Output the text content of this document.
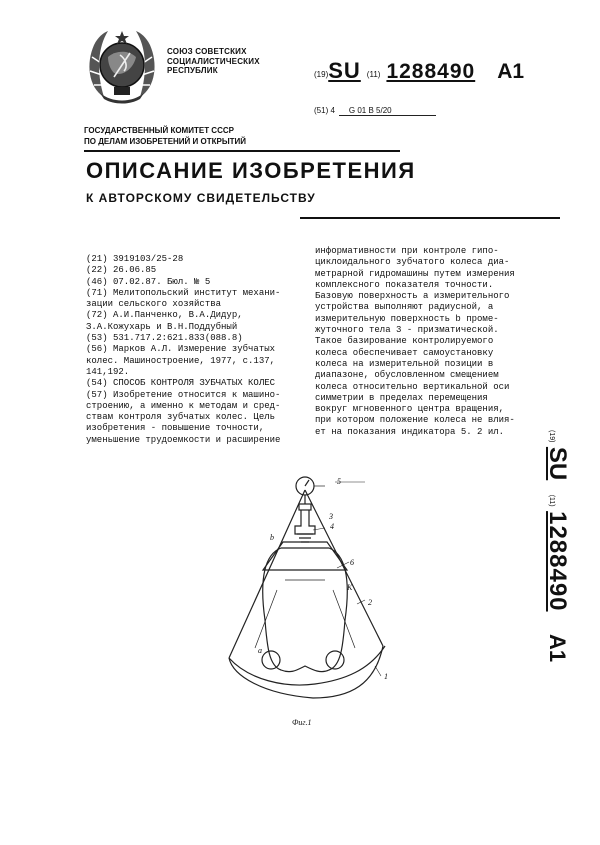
СОЮЗ СОВЕТСКИХ
СОЦИАЛИСТИЧЕСКИХ
РЕСПУБЛИК	(19)SU (11) 1288490 A1
(51) 4 G 01 B 5/20
ГОСУДАРСТВЕННЫЙ КОМИТЕТ СССР
ПО ДЕЛАМ ИЗОБРЕТЕНИЙ И ОТКРЫТИЙ
ОПИСАНИЕ ИЗОБРЕТЕНИЯ
К АВТОРСКОМУ СВИДЕТЕЛЬСТВУ
(21) 3919103/25-28
(22) 26.06.85
(46) 07.02.87. Бюл. № 5
(71) Мелитопольский институт механи-
зации сельского хозяйства
(72) А.И.Панченко, В.А.Дидур,
З.А.Кожухарь и В.Н.Поддубный
(53) 531.717.2:621.833(088.8)
(56) Марков А.Л. Измерение зубчатых
колес. Машиностроение, 1977, с.137,
141,192.
(54) СПОСОБ КОНТРОЛЯ ЗУБЧАТЫХ КОЛЕС
(57) Изобретение относится к машино-
строению, а именно к методам и сред-
ствам контроля зубчатых колес. Цель
изобретения - повышение точности,
уменьшение трудоемкости и расширение
информативности при контроле гипо-
циклоидального зубчатого колеса диа-
метрарной гидромашины путем измерения
комплексного показателя точности.
Базовую поверхность а измерительного
устройства выполняют радиусной, а
измерительную поверхность b проме-
жуточного тела 3 - призматической.
Такое базирование контролируемого
колеса обеспечивает самоустановку
колеса на измерительной позиции в
диапазоне, обусловленном смещением
колеса относительно вертикальной оси
симметрии в пределах перемещения
вокруг мгновенного центра вращения,
при котором положение колеса не влия-
ет на показания индикатора 5. 2 ил.	(19) SU (11) 1288490 A1
5
3
4
b
6
K
2
a
1
Фиг.1
